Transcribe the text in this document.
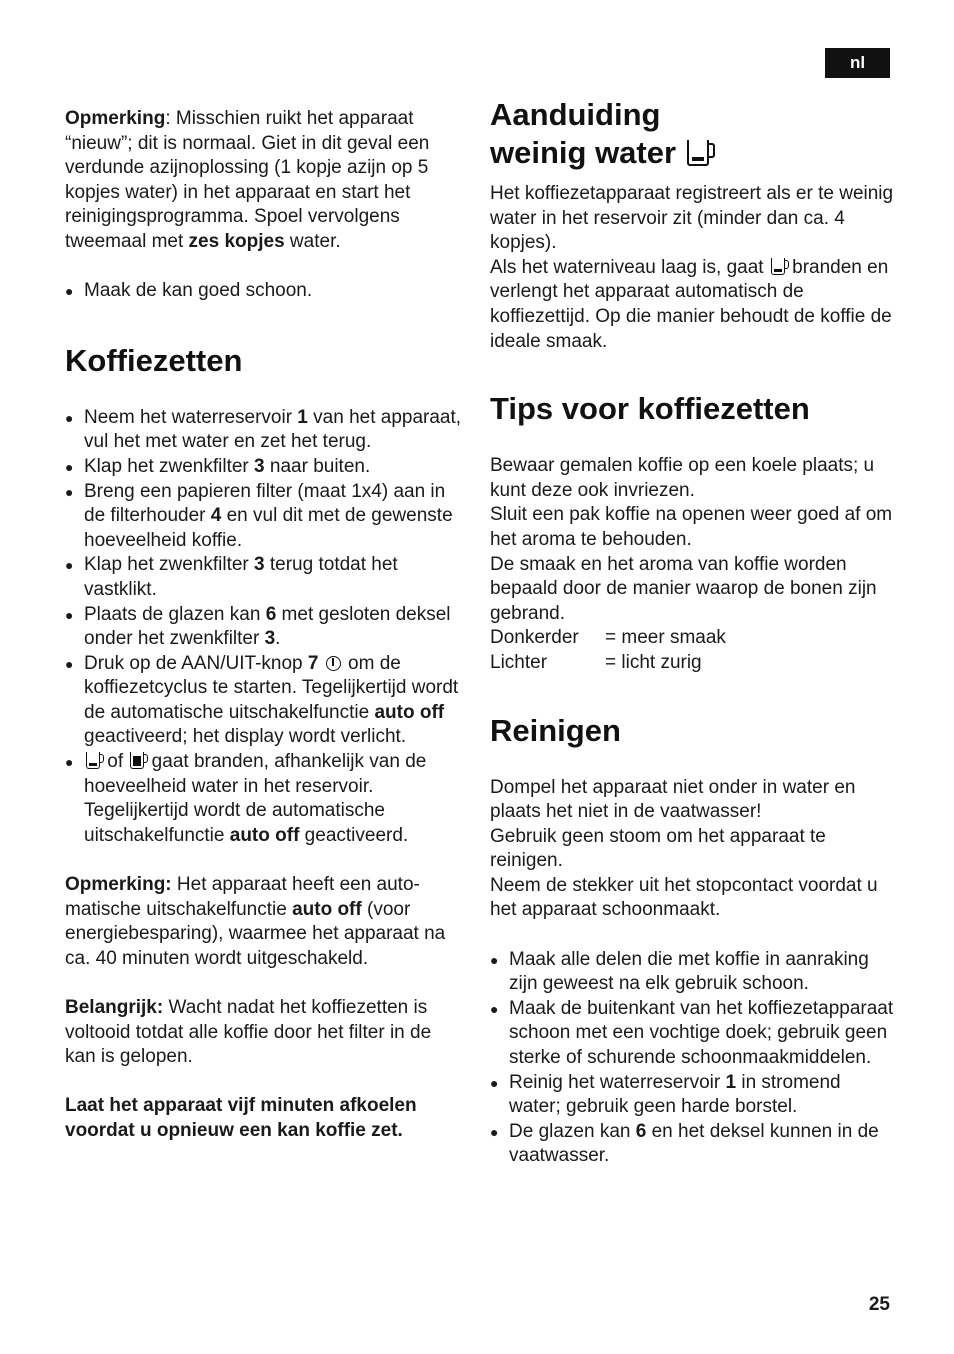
nl

Opmerking: Misschien ruikt het apparaat “nieuw”; dit is normaal. Giet in dit geval een verdunde azijnoplossing (1 kopje azijn op 5 kopjes water) in het apparaat en start het reinigingsprogramma. Spoel vervolgens tweemaal met zes kopjes water.

● Maak de kan goed schoon.
Koffiezetten
● Neem het waterreservoir 1 van het apparaat, vul het met water en zet het terug.
● Klap het zwenkfilter 3 naar buiten.
● Breng een papieren filter (maat 1x4) aan in de filterhouder 4 en vul dit met de gewenste hoeveelheid koffie.
● Klap het zwenkfilter 3 terug totdat het vastklikt.
● Plaats de glazen kan 6 met gesloten deksel onder het zwenkfilter 3.
● Druk op de AAN/UIT-knop 7  om de koffiezetcyclus te starten. Tegelijkertijd wordt de automatische uitschakelfunctie auto off geactiveerd; het display wordt verlicht.
● of  gaat branden, afhankelijk van de hoeveelheid water in het reservoir. Tegelijkertijd wordt de automatische uitschakelfunctie auto off geactiveerd.

Opmerking: Het apparaat heeft een automatische uitschakelfunctie auto off (voor energiebesparing), waarmee het apparaat na ca. 40 minuten wordt uitgeschakeld.

Belangrijk: Wacht nadat het koffiezetten is voltooid totdat alle koffie door het filter in de kan is gelopen.

Laat het apparaat vijf minuten afkoelen voordat u opnieuw een kan koffie zet.

Aanduiding
weinig water

Het koffiezetapparaat registreert als er te weinig water in het reservoir zit (minder dan ca. 4 kopjes).

Als het waterniveau laag is, gaat  branden en verlengt het apparaat automatisch de koffiezettijd. Op die manier behoudt de koffie de ideale smaak.

Tips voor koffiezetten

Bewaar gemalen koffie op een koele plaats; u kunt deze ook invriezen.

Sluit een pak koffie na openen weer goed af om het aroma te behouden.

De smaak en het aroma van koffie worden bepaald door de manier waarop de bonen zijn gebrand.

Donkerder	= meer smaak
Lichter	= licht zurig
Reinigen

Dompel het apparaat niet onder in water en plaats het niet in de vaatwasser!

Gebruik geen stoom om het apparaat te reinigen.

Neem de stekker uit het stopcontact voordat u het apparaat schoonmaakt.

● Maak alle delen die met koffie in aanraking zijn geweest na elk gebruik schoon.
● Maak de buitenkant van het koffiezetapparaat schoon met een vochtige doek; gebruik geen sterke of schurende schoonmaakmiddelen.
● Reinig het waterreservoir 1 in stromend water; gebruik geen harde borstel.
● De glazen kan 6 en het deksel kunnen in de vaatwasser.
25
